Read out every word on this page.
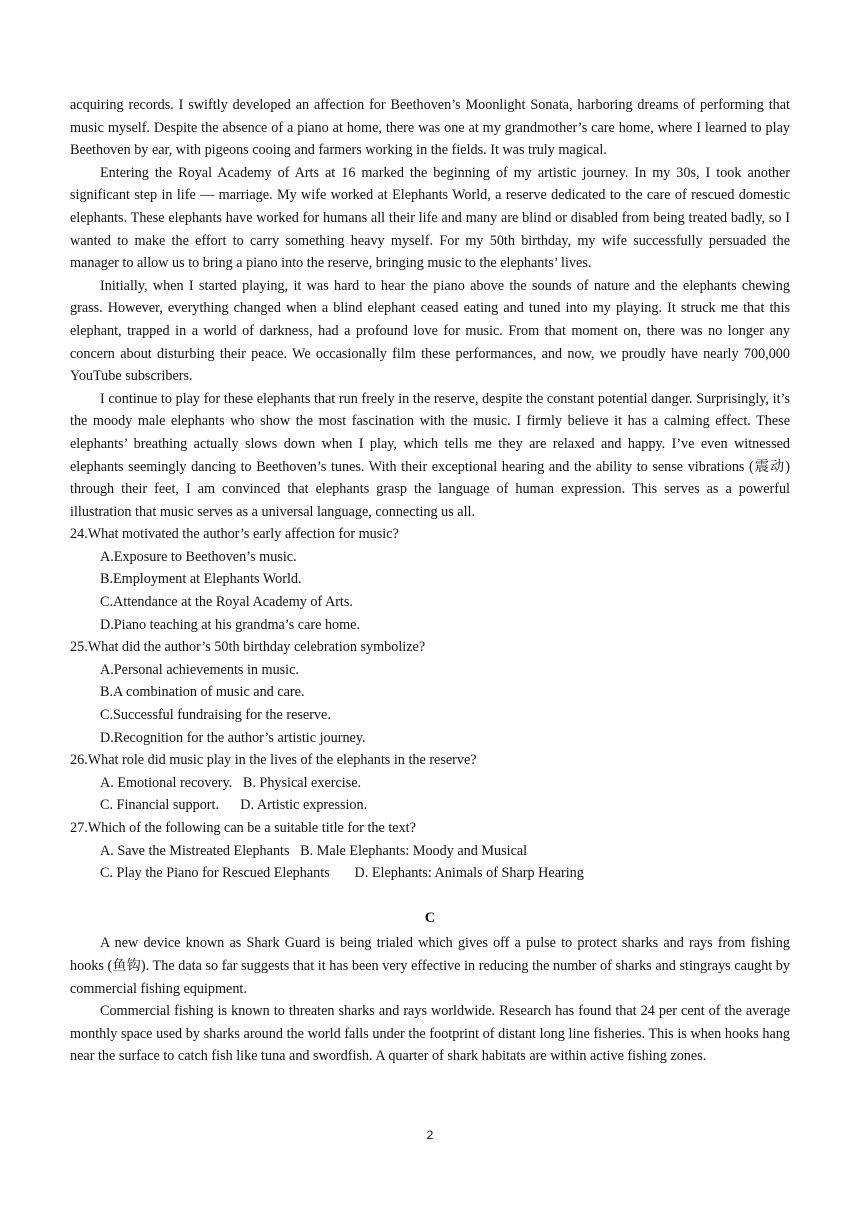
acquiring records. I swiftly developed an affection for Beethoven’s Moonlight Sonata, harboring dreams of performing that music myself. Despite the absence of a piano at home, there was one at my grandmother’s care home, where I learned to play Beethoven by ear, with pigeons cooing and farmers working in the fields. It was truly magical.

Entering the Royal Academy of Arts at 16 marked the beginning of my artistic journey. In my 30s, I took another significant step in life — marriage. My wife worked at Elephants World, a reserve dedicated to the care of rescued domestic elephants. These elephants have worked for humans all their life and many are blind or disabled from being treated badly, so I wanted to make the effort to carry something heavy myself. For my 50th birthday, my wife successfully persuaded the manager to allow us to bring a piano into the reserve, bringing music to the elephants’ lives.

Initially, when I started playing, it was hard to hear the piano above the sounds of nature and the elephants chewing grass. However, everything changed when a blind elephant ceased eating and tuned into my playing. It struck me that this elephant, trapped in a world of darkness, had a profound love for music. From that moment on, there was no longer any concern about disturbing their peace. We occasionally film these performances, and now, we proudly have nearly 700,000 YouTube subscribers.

I continue to play for these elephants that run freely in the reserve, despite the constant potential danger. Surprisingly, it’s the moody male elephants who show the most fascination with the music. I firmly believe it has a calming effect. These elephants’ breathing actually slows down when I play, which tells me they are relaxed and happy. I’ve even witnessed elephants seemingly dancing to Beethoven’s tunes. With their exceptional hearing and the ability to sense vibrations (震动) through their feet, I am convinced that elephants grasp the language of human expression. This serves as a powerful illustration that music serves as a universal language, connecting us all.

24.What motivated the author’s early affection for music?

A.Exposure to Beethoven’s music.

B.Employment at Elephants World.

C.Attendance at the Royal Academy of Arts.

D.Piano teaching at his grandma’s care home.

25.What did the author’s 50th birthday celebration symbolize?

A.Personal achievements in music.

B.A combination of music and care.

C.Successful fundraising for the reserve.

D.Recognition for the author’s artistic journey.

26.What role did music play in the lives of the elephants in the reserve?

A. Emotional recovery.   B. Physical exercise.

C. Financial support.      D. Artistic expression.

27.Which of the following can be a suitable title for the text?

A. Save the Mistreated Elephants   B. Male Elephants: Moody and Musical

C. Play the Piano for Rescued Elephants       D. Elephants: Animals of Sharp Hearing

C

A new device known as Shark Guard is being trialed which gives off a pulse to protect sharks and rays from fishing hooks (鱼钩). The data so far suggests that it has been very effective in reducing the number of sharks and stingrays caught by commercial fishing equipment.

Commercial fishing is known to threaten sharks and rays worldwide. Research has found that 24 per cent of the average monthly space used by sharks around the world falls under the footprint of distant long line fisheries. This is when hooks hang near the surface to catch fish like tuna and swordfish. A quarter of shark habitats are within active fishing zones.

2
